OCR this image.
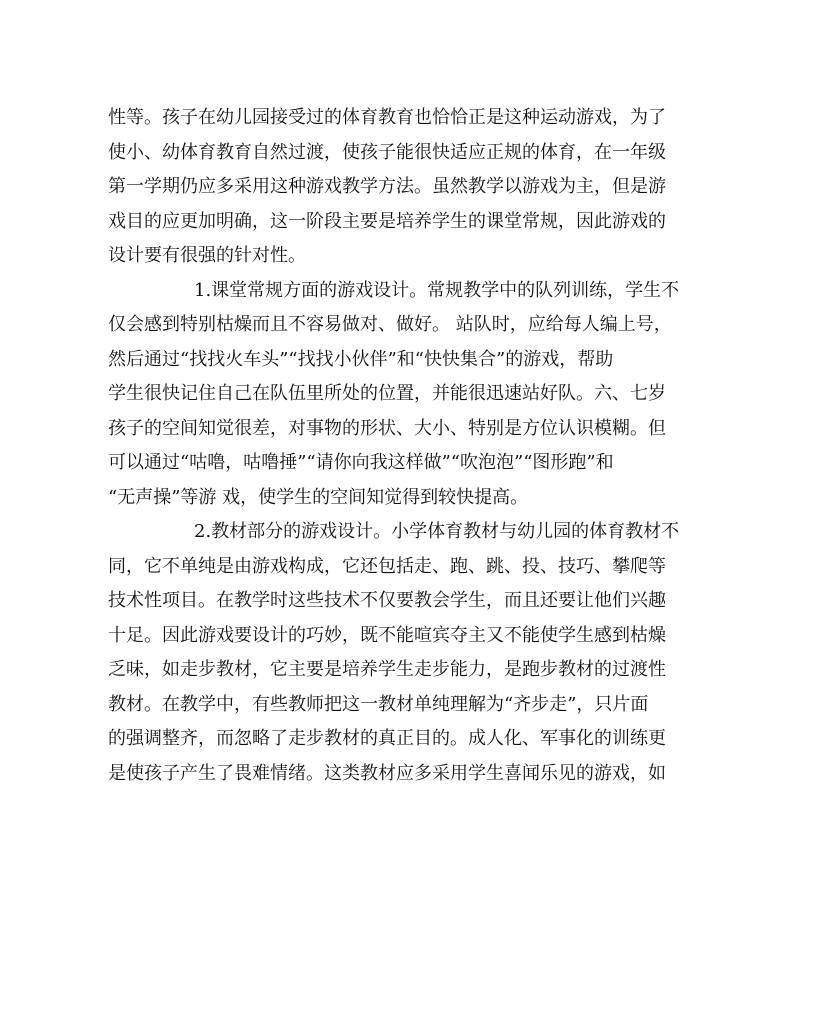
性等。孩子在幼儿园接受过的体育教育也恰恰正是这种运动游戏，为了
使小、幼体育教育自然过渡，使孩子能很快适应正规的体育，在一年级
第一学期仍应多采用这种游戏教学方法。虽然教学以游戏为主，但是游
戏目的应更加明确，这一阶段主要是培养学生的课堂常规，因此游戏的
设计要有很强的针对性。
1.课堂常规方面的游戏设计。常规教学中的队列训练，学生不
仅会感到特别枯燥而且不容易做对、做好。 站队时，应给每人编上号，
然后通过“找找火车头”“找找小伙伴”和“快快集合”的游戏，帮助
学生很快记住自己在队伍里所处的位置，并能很迅速站好队。六、七岁
孩子的空间知觉很差，对事物的形状、大小、特别是方位认识模糊。但
可以通过“咕噜，咕噜捶”“请你向我这样做”“吹泡泡”“图形跑”和
“无声操”等游 戏，使学生的空间知觉得到较快提高。
2.教材部分的游戏设计。小学体育教材与幼儿园的体育教材不
同，它不单纯是由游戏构成，它还包括走、跑、跳、投、技巧、攀爬等
技术性项目。在教学时这些技术不仅要教会学生，而且还要让他们兴趣
十足。因此游戏要设计的巧妙，既不能喧宾夺主又不能使学生感到枯燥
乏味，如走步教材，它主要是培养学生走步能力，是跑步教材的过渡性
教材。在教学中，有些教师把这一教材单纯理解为“齐步走”，只片面
的强调整齐，而忽略了走步教材的真正目的。成人化、军事化的训练更
是使孩子产生了畏难情绪。这类教材应多采用学生喜闻乐见的游戏，如
